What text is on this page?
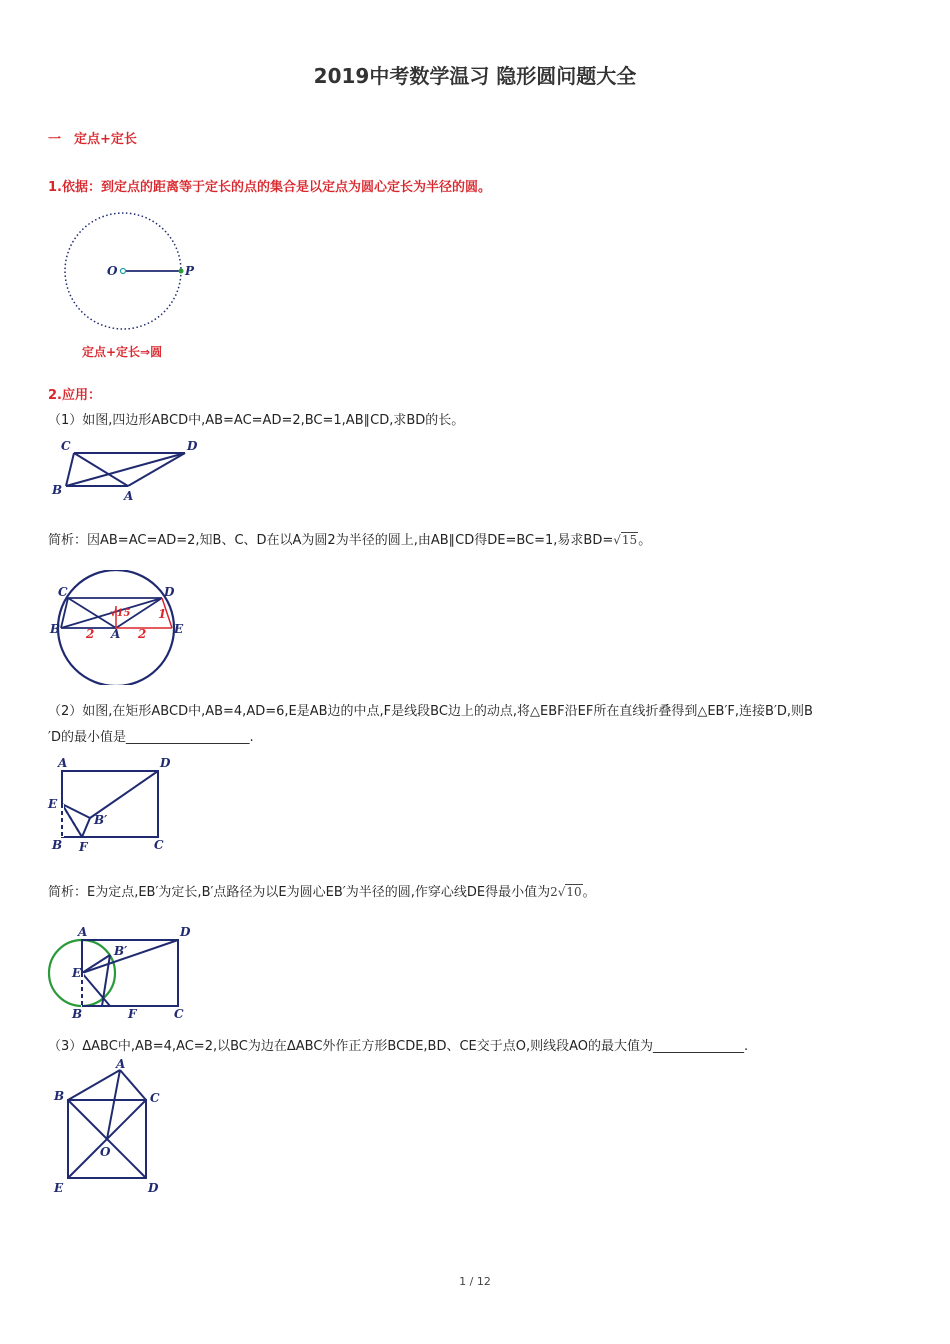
2019中考数学温习 隐形圆问题大全
一　定点+定长
1.依据：到定点的距离等于定长的点的集合是以定点为圆心定长为半径的圆。
O	P
定点+定长⇒圆
2.应用：
（1）如图,四边形ABCD中,AB=AC=AD=2,BC=1,AB∥CD,求BD的长。
C	D
B	A
简析：因AB=AC=AD=2,知B、C、D在以A为圆2为半径的圆上,由AB∥CD得DE=BC=1,易求BD=√15。
C	D
B	A	E
2	2
1
√15
（2）如图,在矩形ABCD中,AB=4,AD=6,E是AB边的中点,F是线段BC边上的动点,将△EBF沿EF所在直线折叠得到△EB′F,连接B′D,则B
′D的最小值是___________________.
A	D
E
B′
B F	C
简析：E为定点,EB′为定长,B′点路径为以E为圆心EB′为半径的圆,作穿心线DE得最小值为2√10。
A	D
E
B′
B	F	C
（3）ΔABC中,AB=4,AC=2,以BC为边在ΔABC外作正方形BCDE,BD、CE交于点O,则线段AO的最大值为______________.
A
B	C
O
E	D
1 / 12
